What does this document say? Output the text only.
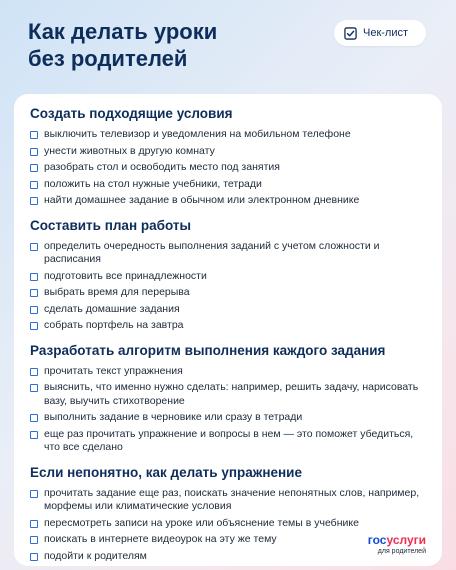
Как делать уроки
без родителей
Чек-лист
Создать подходящие условия
выключить телевизор и уведомления на мобильном телефоне
унести животных в другую комнату
разобрать стол и освободить место под занятия
положить на стол нужные учебники, тетради
найти домашнее задание в обычном или электронном дневнике
Составить план работы
определить очередность выполнения заданий с учетом сложности и расписания
подготовить все принадлежности
выбрать время для перерыва
сделать домашние задания
собрать портфель на завтра
Разработать алгоритм выполнения каждого задания
прочитать текст упражнения
выяснить, что именно нужно сделать: например, решить задачу, нарисовать вазу, выучить стихотворение
выполнить задание в черновике или сразу в тетради
еще раз прочитать упражнение и вопросы в нем — это поможет убедиться, что все сделано
Если непонятно, как делать упражнение
прочитать задание еще раз, поискать значение непонятных слов, например, морфемы или климатические условия
пересмотреть записи на уроке или объяснение темы в учебнике
поискать в интернете видеоурок на эту же тему
подойти к родителям
госуслуги
для родителей
